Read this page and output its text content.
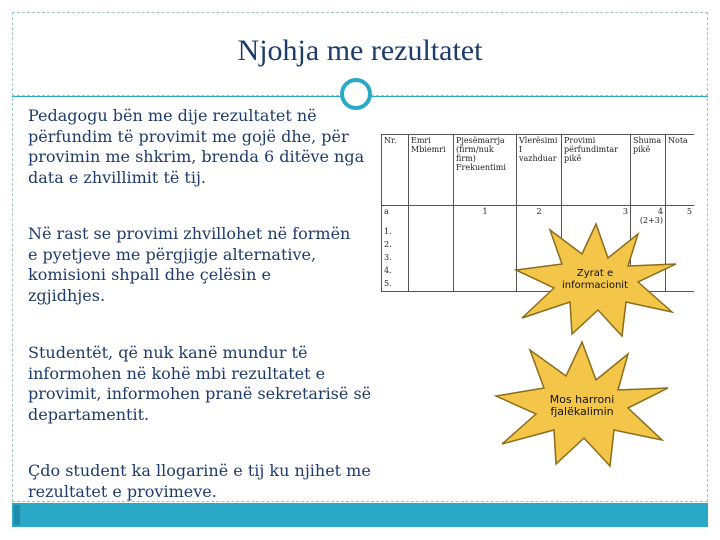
Njohja me rezultatet
Pedagogu bën me dije rezultatet në përfundim të provimit me gojë dhe, për provimin me shkrim, brenda 6 ditëve nga data e zhvillimit të tij.
Në rast se provimi zhvillohet në formën e pyetjeve me përgjigje alternative, komisioni shpall dhe çelësin e zgjidhjes.
Studentët, që nuk kanë mundur të informohen në kohë mbi rezultatet e provimit, informohen pranë sekretarisë së departamentit.
Çdo student ka llogarinë e tij ku njihet me rezultatet e provimeve.
Nr.	Emri Mbiemri	Pjesëmarrja (firm/nuk firm) Frekuentimi	Vlerësimi I vazhduar	Provimi përfundimtar pikë	Shuma pikë	Nota
a		1	2	3	4 (2+3)	5
1.						
2.						
3.						
4.						
5.						
Zyrat e informacionit
Mos harroni fjalëkalimin
